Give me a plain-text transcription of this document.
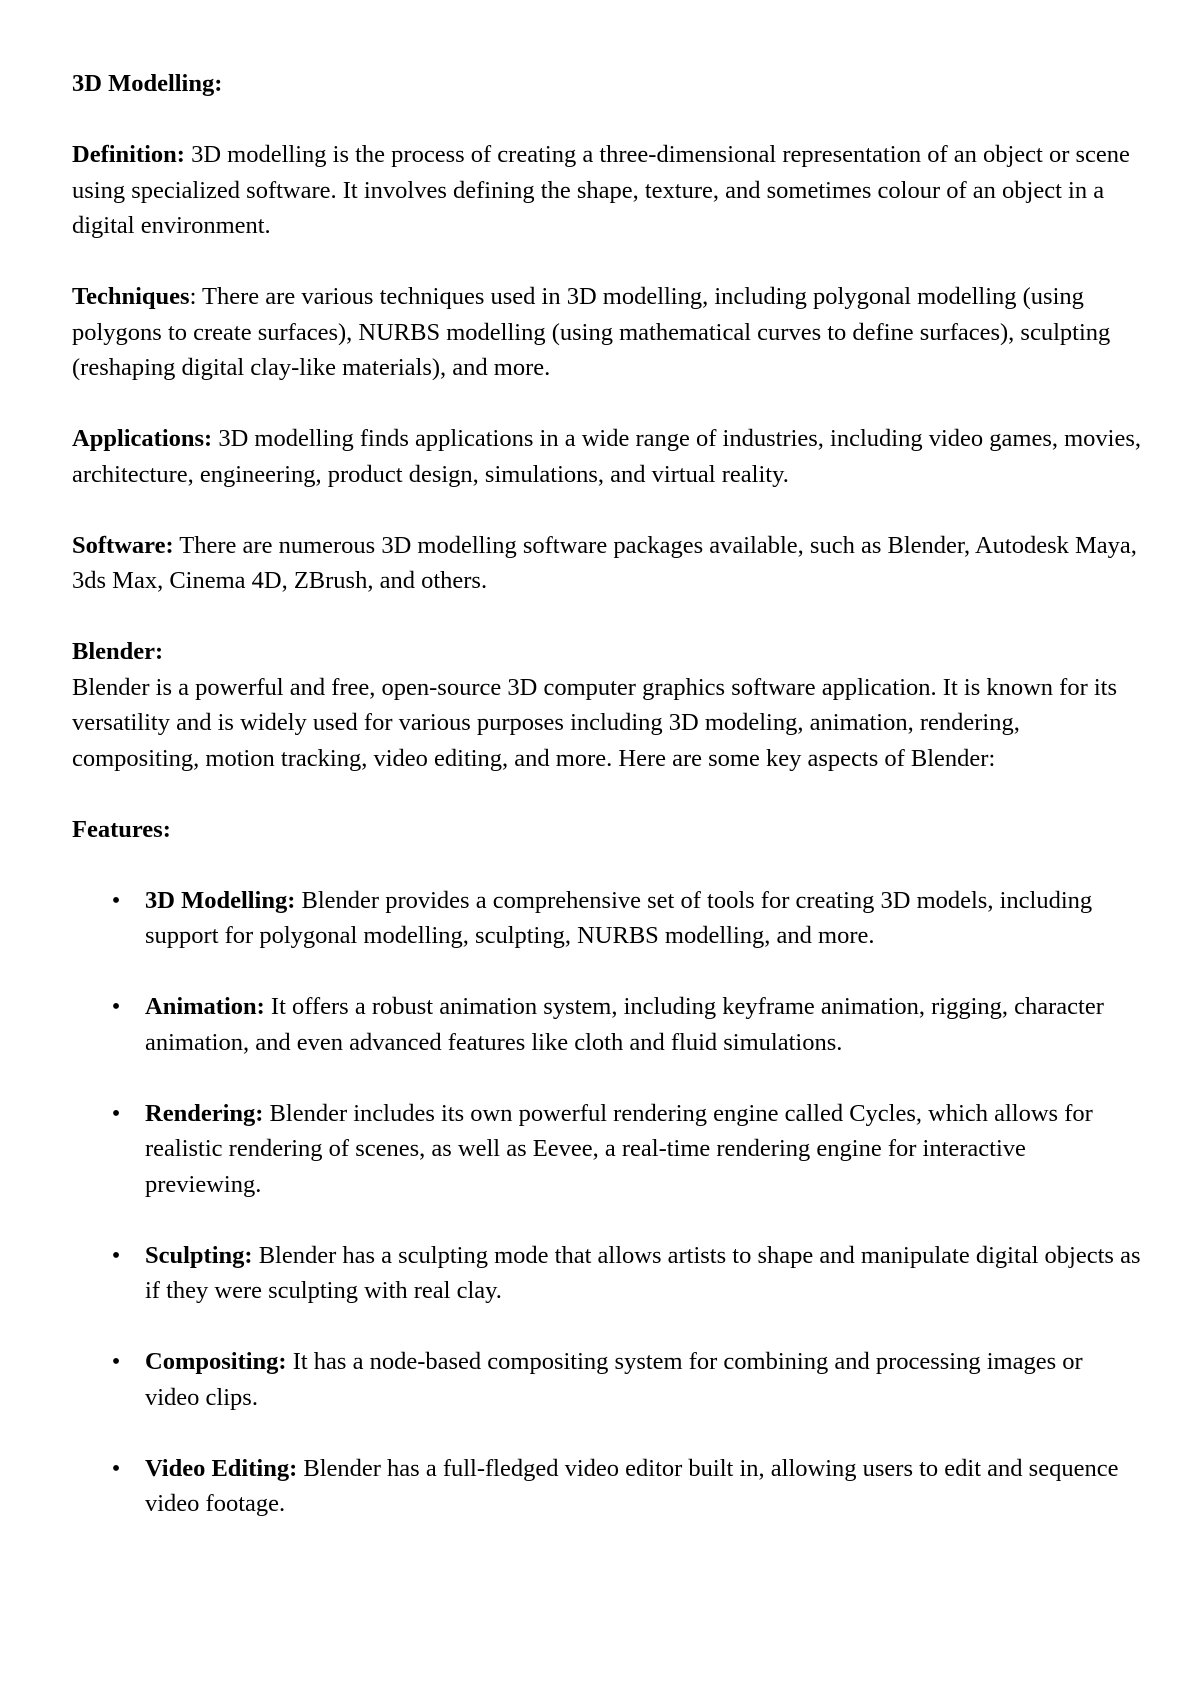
3D Modelling:

Definition: 3D modelling is the process of creating a three-dimensional representation of an object or scene using specialized software. It involves defining the shape, texture, and sometimes colour of an object in a digital environment.

Techniques: There are various techniques used in 3D modelling, including polygonal modelling (using polygons to create surfaces), NURBS modelling (using mathematical curves to define surfaces), sculpting (reshaping digital clay-like materials), and more.

Applications: 3D modelling finds applications in a wide range of industries, including video games, movies, architecture, engineering, product design, simulations, and virtual reality.

Software: There are numerous 3D modelling software packages available, such as Blender, Autodesk Maya, 3ds Max, Cinema 4D, ZBrush, and others.

Blender:

Blender is a powerful and free, open-source 3D computer graphics software application. It is known for its versatility and is widely used for various purposes including 3D modeling, animation, rendering, compositing, motion tracking, video editing, and more. Here are some key aspects of Blender:

Features:

• 3D Modelling: Blender provides a comprehensive set of tools for creating 3D models, including support for polygonal modelling, sculpting, NURBS modelling, and more.
• Animation: It offers a robust animation system, including keyframe animation, rigging, character animation, and even advanced features like cloth and fluid simulations.
• Rendering: Blender includes its own powerful rendering engine called Cycles, which allows for realistic rendering of scenes, as well as Eevee, a real-time rendering engine for interactive previewing.
• Sculpting: Blender has a sculpting mode that allows artists to shape and manipulate digital objects as if they were sculpting with real clay.
• Compositing: It has a node-based compositing system for combining and processing images or video clips.
• Video Editing: Blender has a full-fledged video editor built in, allowing users to edit and sequence video footage.
